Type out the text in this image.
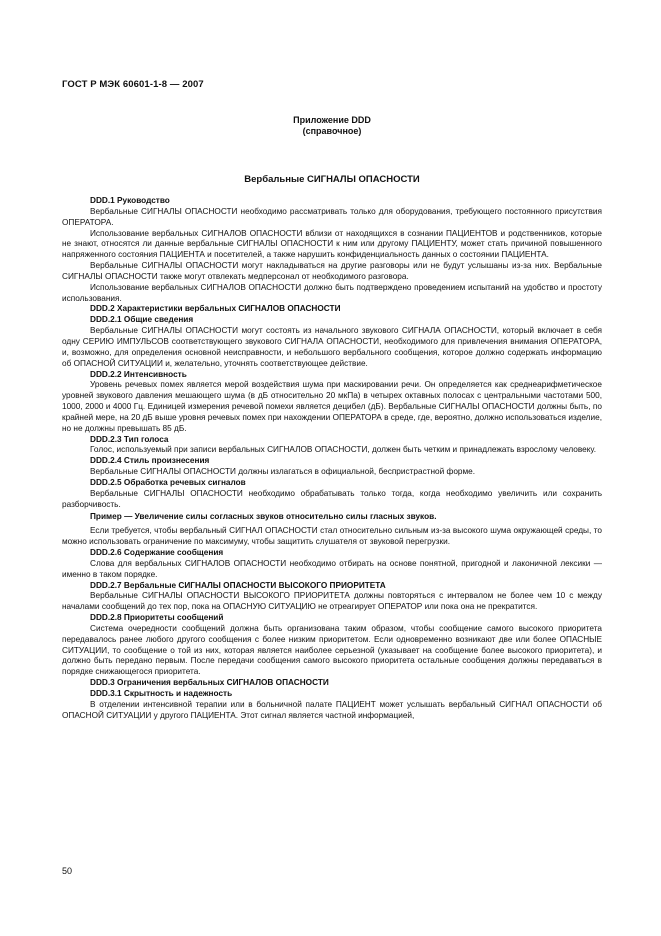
ГОСТ Р МЭК 60601-1-8 — 2007
Приложение DDD
(справочное)
Вербальные СИГНАЛЫ ОПАСНОСТИ

DDD.1 Руководство

Вербальные СИГНАЛЫ ОПАСНОСТИ необходимо рассматривать только для оборудования, требующего постоянного присутствия ОПЕРАТОРА.

Использование вербальных СИГНАЛОВ ОПАСНОСТИ вблизи от находящихся в сознании ПАЦИЕНТОВ и родственников, которые не знают, относятся ли данные вербальные СИГНАЛЫ ОПАСНОСТИ к ним или другому ПАЦИЕНТУ, может стать причиной повышенного напряженного состояния ПАЦИЕНТА и посетителей, а также нарушить конфиденциальность данных о состоянии ПАЦИЕНТА.

Вербальные СИГНАЛЫ ОПАСНОСТИ могут накладываться на другие разговоры или не будут услышаны из-за них. Вербальные СИГНАЛЫ ОПАСНОСТИ также могут отвлекать медперсонал от необходимого разговора.

Использование вербальных СИГНАЛОВ ОПАСНОСТИ должно быть подтверждено проведением испытаний на удобство и простоту использования.

DDD.2 Характеристики вербальных СИГНАЛОВ ОПАСНОСТИ

DDD.2.1 Общие сведения

Вербальные СИГНАЛЫ ОПАСНОСТИ могут состоять из начального звукового СИГНАЛА ОПАСНОСТИ, который включает в себя одну СЕРИЮ ИМПУЛЬСОВ соответствующего звукового СИГНАЛА ОПАСНОСТИ, необходимого для привлечения внимания ОПЕРАТОРА, и, возможно, для определения основной неисправности, и небольшого вербального сообщения, которое должно содержать информацию об ОПАСНОЙ СИТУАЦИИ и, желательно, уточнять соответствующее действие.

DDD.2.2 Интенсивность

Уровень речевых помех является мерой воздействия шума при маскировании речи. Он определяется как среднеарифметическое уровней звукового давления мешающего шума (в дБ относительно 20 мкПа) в четырех октавных полосах с центральными частотами 500, 1000, 2000 и 4000 Гц. Единицей измерения речевой помехи является децибел (дБ). Вербальные СИГНАЛЫ ОПАСНОСТИ должны быть, по крайней мере, на 20 дБ выше уровня речевых помех при нахождении ОПЕРАТОРА в среде, где, вероятно, должно использоваться изделие, но не должны превышать 85 дБ.

DDD.2.3 Тип голоса

Голос, используемый при записи вербальных СИГНАЛОВ ОПАСНОСТИ, должен быть четким и принадлежать взрослому человеку.

DDD.2.4 Стиль произнесения

Вербальные СИГНАЛЫ ОПАСНОСТИ должны излагаться в официальной, беспристрастной форме.

DDD.2.5 Обработка речевых сигналов

Вербальные СИГНАЛЫ ОПАСНОСТИ необходимо обрабатывать только тогда, когда необходимо увеличить или сохранить разборчивость.

Пример — Увеличение силы согласных звуков относительно силы гласных звуков.

Если требуется, чтобы вербальный СИГНАЛ ОПАСНОСТИ стал относительно сильным из-за высокого шума окружающей среды, то можно использовать ограничение по максимуму, чтобы защитить слушателя от звуковой перегрузки.

DDD.2.6 Содержание сообщения

Слова для вербальных СИГНАЛОВ ОПАСНОСТИ необходимо отбирать на основе понятной, пригодной и лаконичной лексики — именно в таком порядке.

DDD.2.7 Вербальные СИГНАЛЫ ОПАСНОСТИ ВЫСОКОГО ПРИОРИТЕТА

Вербальные СИГНАЛЫ ОПАСНОСТИ ВЫСОКОГО ПРИОРИТЕТА должны повторяться с интервалом не более чем 10 с между началами сообщений до тех пор, пока на ОПАСНУЮ СИТУАЦИЮ не отреагирует ОПЕРАТОР или пока она не прекратится.

DDD.2.8 Приоритеты сообщений

Система очередности сообщений должна быть организована таким образом, чтобы сообщение самого высокого приоритета передавалось ранее любого другого сообщения с более низким приоритетом. Если одновременно возникают две или более ОПАСНЫЕ СИТУАЦИИ, то сообщение о той из них, которая является наиболее серьезной (указывает на сообщение более высокого приоритета), и должно быть передано первым. После передачи сообщения самого высокого приоритета остальные сообщения должны передаваться в порядке снижающегося приоритета.

DDD.3 Ограничения вербальных СИГНАЛОВ ОПАСНОСТИ

DDD.3.1 Скрытность и надежность

В отделении интенсивной терапии или в больничной палате ПАЦИЕНТ может услышать вербальный СИГНАЛ ОПАСНОСТИ об ОПАСНОЙ СИТУАЦИИ у другого ПАЦИЕНТА. Этот сигнал является частной информацией,

50
